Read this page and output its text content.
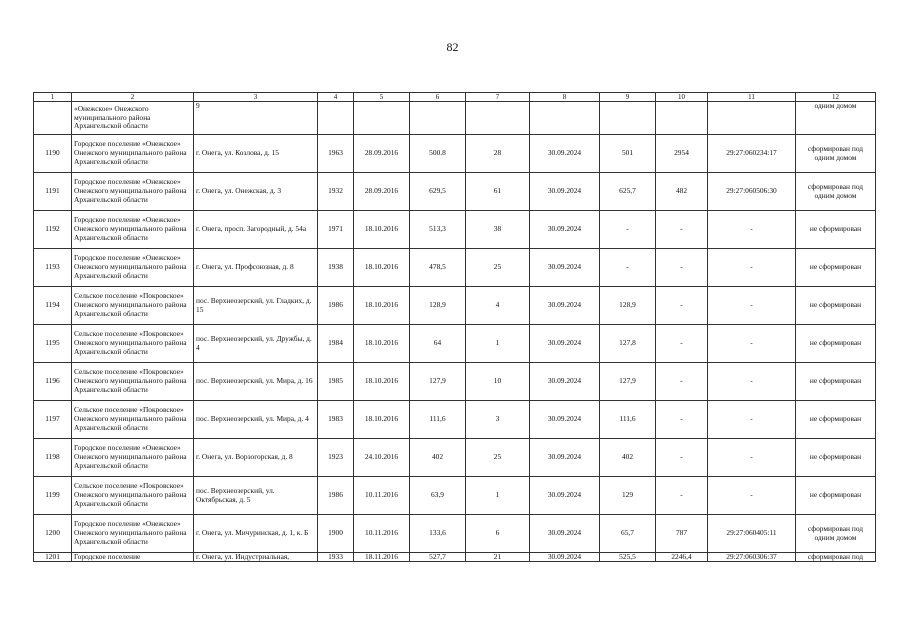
82
1	2	3	4	5	6	7	8	9	10	11	12
	«Онежское» Онежского муниципального района Архангельской области	9									одним домом
1190	Городское поселение «Онежское» Онежского муниципального района Архангельской области	г. Онега, ул. Козлова, д. 15	1963	28.09.2016	500.8	28	30.09.2024	501	2954	29:27:060234:17	сформирован под одним домом
1191	Городское поселение «Онежское» Онежского муниципального района Архангельской области	г. Онега, ул. Онежская, д. 3	1932	28.09.2016	629,5	61	30.09.2024	625,7	482	29:27:060506:30	сформирован под одним домом
1192	Городское поселение «Онежское» Онежского муниципального района Архангельской области	г. Онега, просп. Загородный, д. 54а	1971	18.10.2016	513,3	38	30.09.2024	-	-	-	не сформирован
1193	Городское поселение «Онежское» Онежского муниципального района Архангельской области	г. Онега, ул. Профсоюзная, д. 8	1938	18.10.2016	478,5	25	30.09.2024	-	-	-	не сформирован
1194	Сельское поселение «Покровское» Онежского муниципального района Архангельской области	пос. Верхнеозерский, ул. Гладких, д. 15	1986	18.10.2016	128,9	4	30.09.2024	128,9	-	-	не сформирован
1195	Сельское поселение «Покровское» Онежского муниципального района Архангельской области	пос. Верхнеозерский, ул. Дружбы, д. 4	1984	18.10.2016	64	1	30.09.2024	127,8	-	-	не сформирован
1196	Сельское поселение «Покровское» Онежского муниципального района Архангельской области	пос. Верхнеозерский, ул. Мира, д. 16	1985	18.10.2016	127,9	10	30.09.2024	127,9	-	-	не сформирован
1197	Сельское поселение «Покровское» Онежского муниципального района Архангельской области	пос. Верхнеозерский, ул. Мира, д. 4	1983	18.10.2016	111,6	3	30.09.2024	111,6	-	-	не сформирован
1198	Городское поселение «Онежское» Онежского муниципального района Архангельской области	г. Онега, ул. Ворзогорская, д. 8	1923	24.10.2016	402	25	30.09.2024	402	-	-	не сформирован
1199	Сельское поселение «Покровское» Онежского муниципального района Архангельской области	пос. Верхнеозерский, ул. Октябрьская, д. 5	1986	10.11.2016	63,9	1	30.09.2024	129	-	-	не сформирован
1200	Городское поселение «Онежское» Онежского муниципального района Архангельской области	г. Онега, ул. Мичуринская, д. 1, к. Б	1900	10.11.2016	133,6	6	30.09.2024	65,7	787	29:27:060405:11	сформирован под одним домом
1201	Городское поселение	г. Онега, ул. Индустриальная,	1933	18.11.2016	527,7	21	30.09.2024	525,5	2246,4	29:27:060306:37	сформирован под
